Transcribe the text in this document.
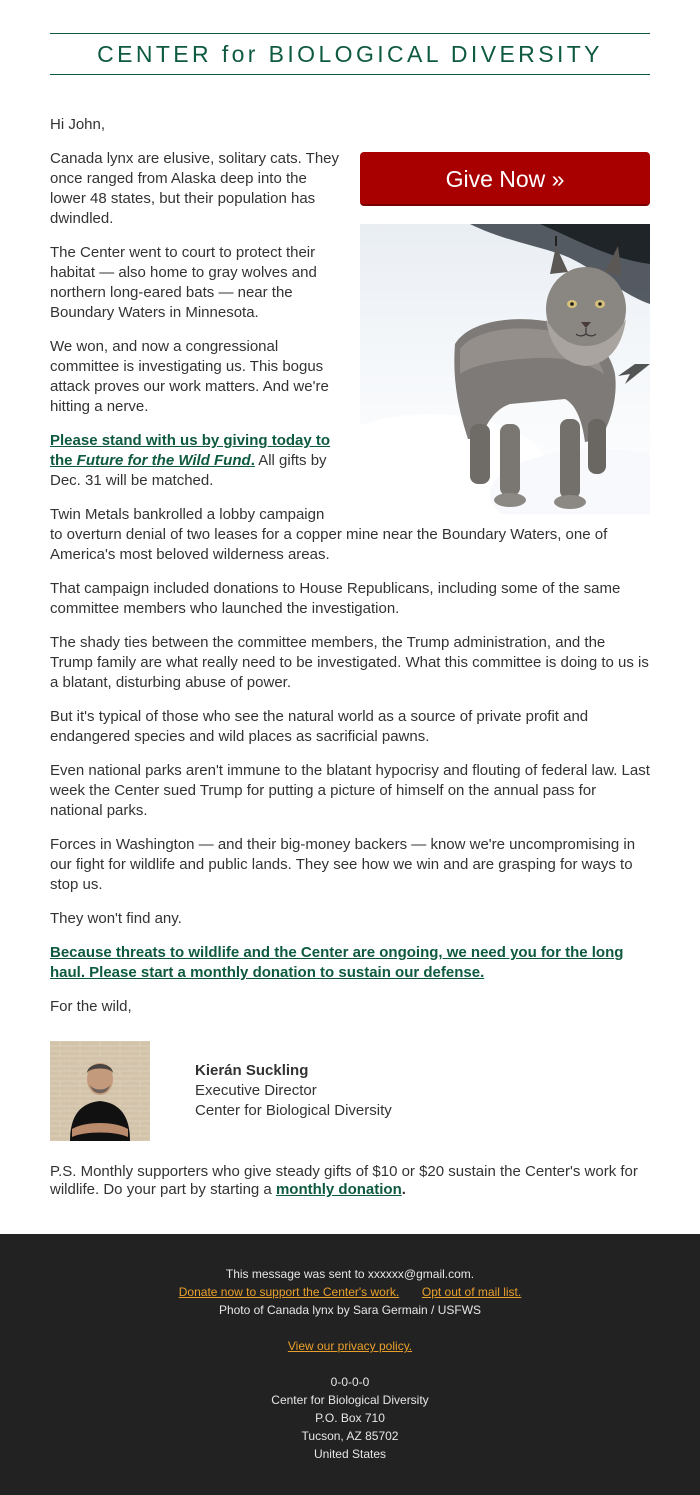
CENTER for BIOLOGICAL DIVERSITY

Hi John,

Give Now »

Canada lynx are elusive, solitary cats. They once ranged from Alaska deep into the lower 48 states, but their population has dwindled.

The Center went to court to protect their habitat — also home to gray wolves and northern long-eared bats — near the Boundary Waters in Minnesota.

We won, and now a congressional committee is investigating us. This bogus attack proves our work matters. And we're hitting a nerve.

Please stand with us by giving today to the Future for the Wild Fund. All gifts by Dec. 31 will be matched.

Twin Metals bankrolled a lobby campaign to overturn denial of two leases for a copper mine near the Boundary Waters, one of America's most beloved wilderness areas.

That campaign included donations to House Republicans, including some of the same committee members who launched the investigation.

The shady ties between the committee members, the Trump administration, and the Trump family are what really need to be investigated. What this committee is doing to us is a blatant, disturbing abuse of power.

But it's typical of those who see the natural world as a source of private profit and endangered species and wild places as sacrificial pawns.

Even national parks aren't immune to the blatant hypocrisy and flouting of federal law. Last week the Center sued Trump for putting a picture of himself on the annual pass for national parks.

Forces in Washington — and their big-money backers — know we're uncompromising in our fight for wildlife and public lands. They see how we win and are grasping for ways to stop us.

They won't find any.

Because threats to wildlife and the Center are ongoing, we need you for the long haul. Please start a monthly donation to sustain our defense.

For the wild,

Kierán Suckling
Executive Director
Center for Biological Diversity
P.S. Monthly supporters who give steady gifts of $10 or $20 sustain the Center's work for wildlife. Do your part by starting a monthly donation.
This message was sent to xxxxxx@gmail.com.
Donate now to support the Center's work. Opt out of mail list.
Photo of Canada lynx by Sara Germain / USFWS
View our privacy policy.
0-0-0-0
Center for Biological Diversity
P.O. Box 710
Tucson, AZ 85702
United States
